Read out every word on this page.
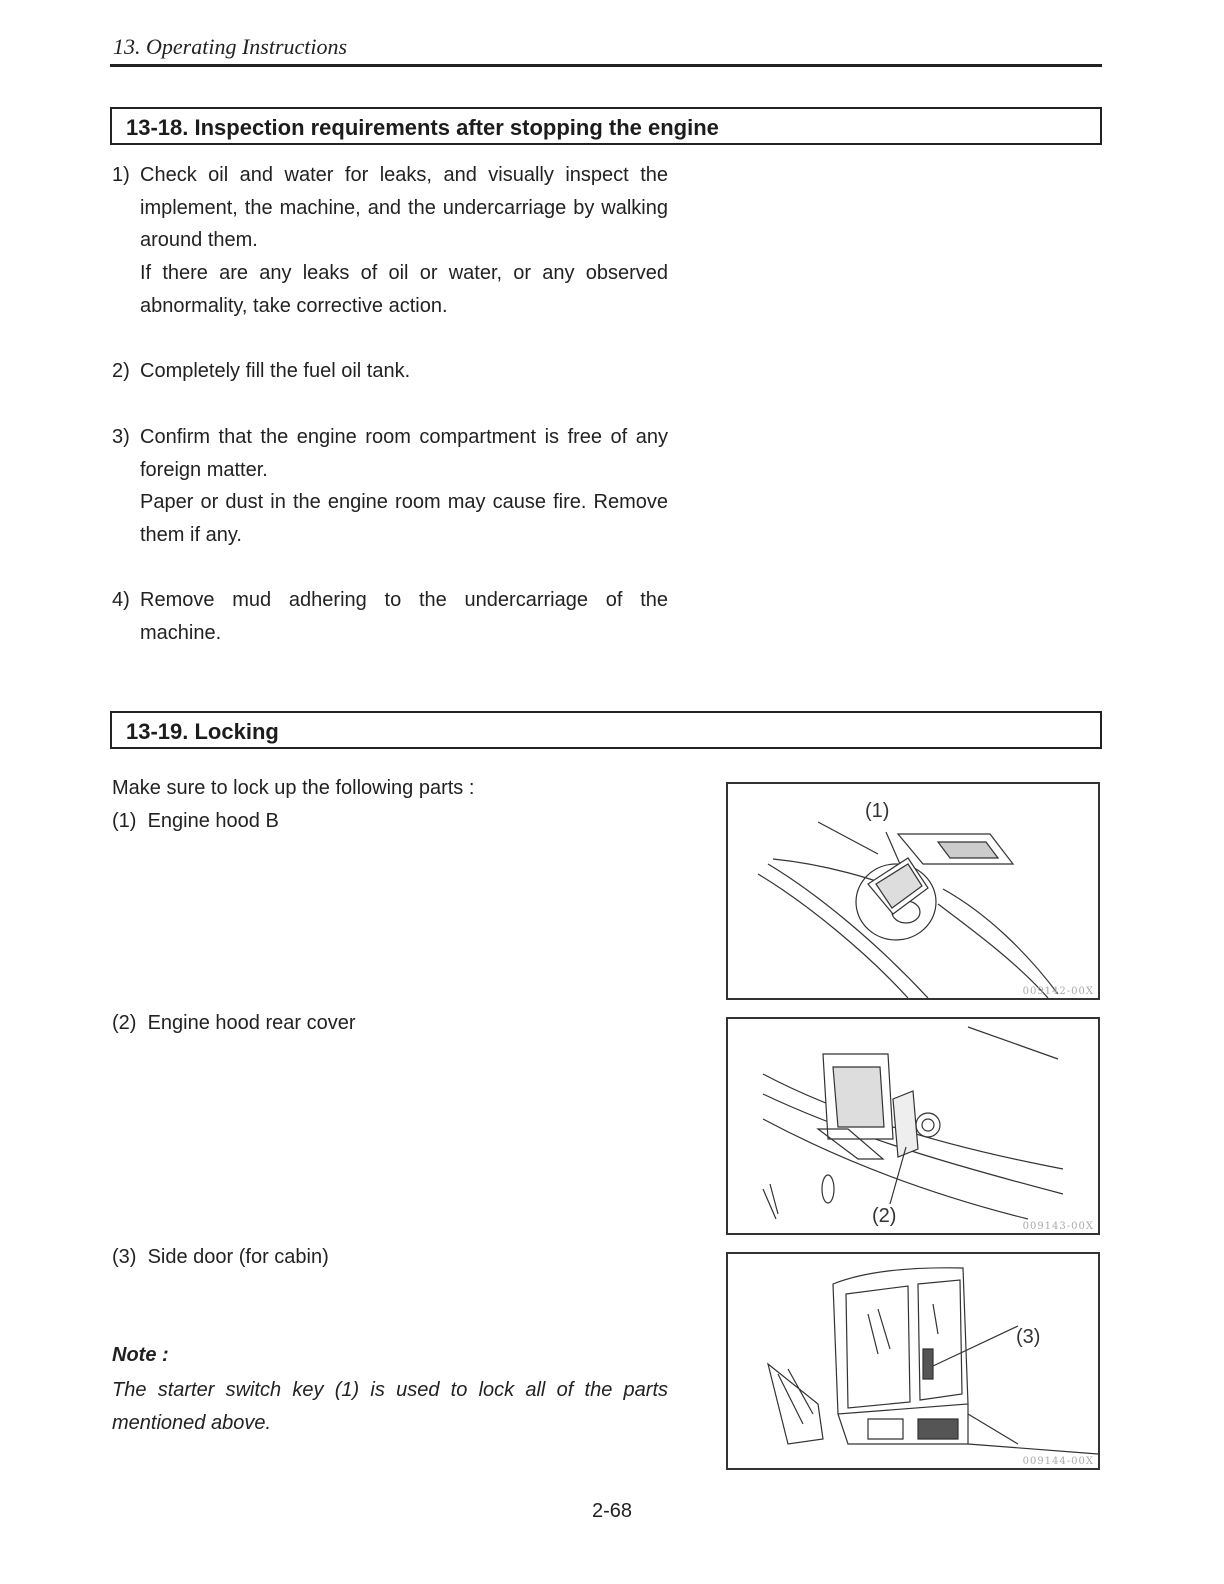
13. Operating Instructions
13-18. Inspection requirements after stopping the engine
1) Check oil and water for leaks, and visually inspect the implement, the machine, and the undercarriage by walking around them.
If there are any leaks of oil or water, or any observed abnormality, take corrective action.
2) Completely fill the fuel oil tank.
3) Confirm that the engine room compartment is free of any foreign matter.
Paper or dust in the engine room may cause fire. Remove them if any.
4) Remove mud adhering to the undercarriage of the machine.
13-19. Locking
Make sure to lock up the following parts :
(1) Engine hood B
(2) Engine hood rear cover
(3) Side door (for cabin)
Note :
The starter switch key (1) is used to lock all of the parts mentioned above.
(1)
009142-00X
(2)	009143-00X
(3)
009144-00X
2-68
